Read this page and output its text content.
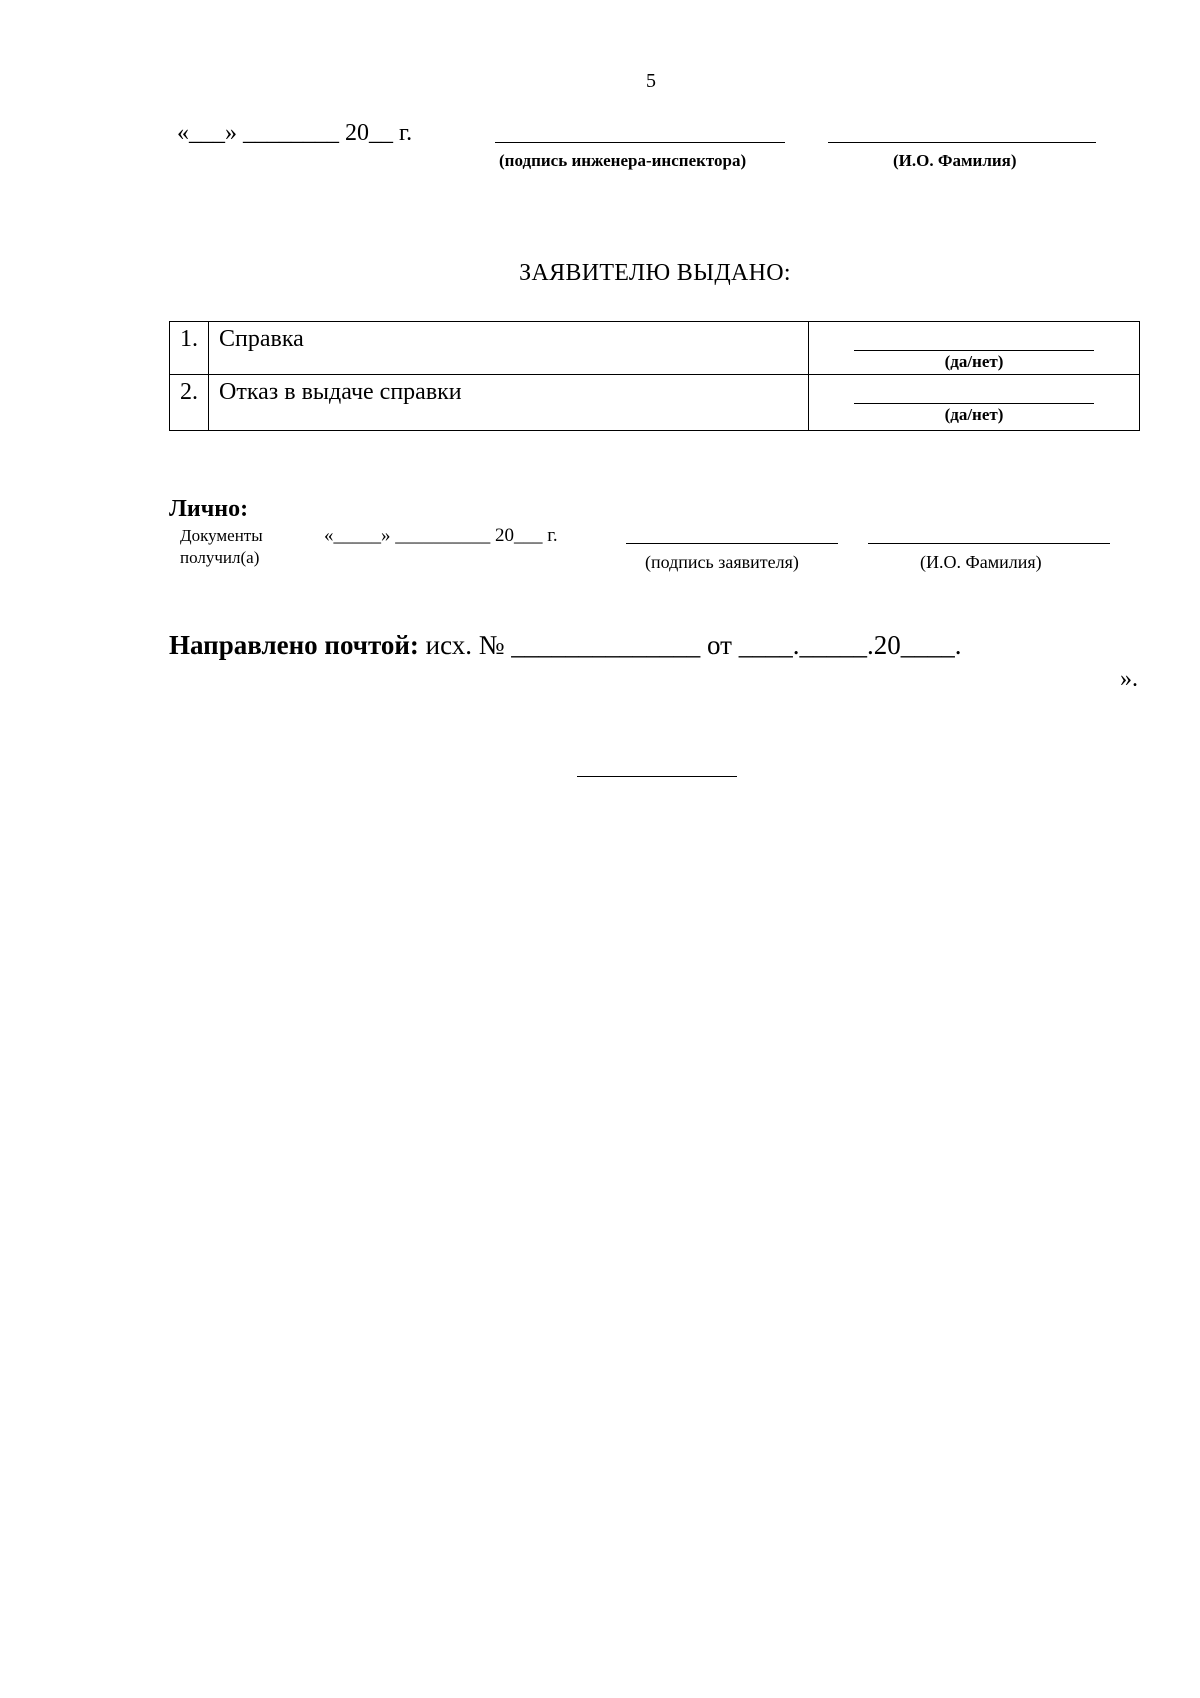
5
«___» ________ 20__ г.
(подпись инженера-инспектора)	(И.О. Фамилия)
ЗАЯВИТЕЛЮ ВЫДАНО:
1.	Справка	(да/нет)

2.	Отказ в выдаче справки	(да/нет)
Лично:
Документы получил(а)
«_____» __________ 20___ г.
(подпись заявителя)	(И.О. Фамилия)
Направлено почтой: исх. № ______________ от ____._____.20____.
».
